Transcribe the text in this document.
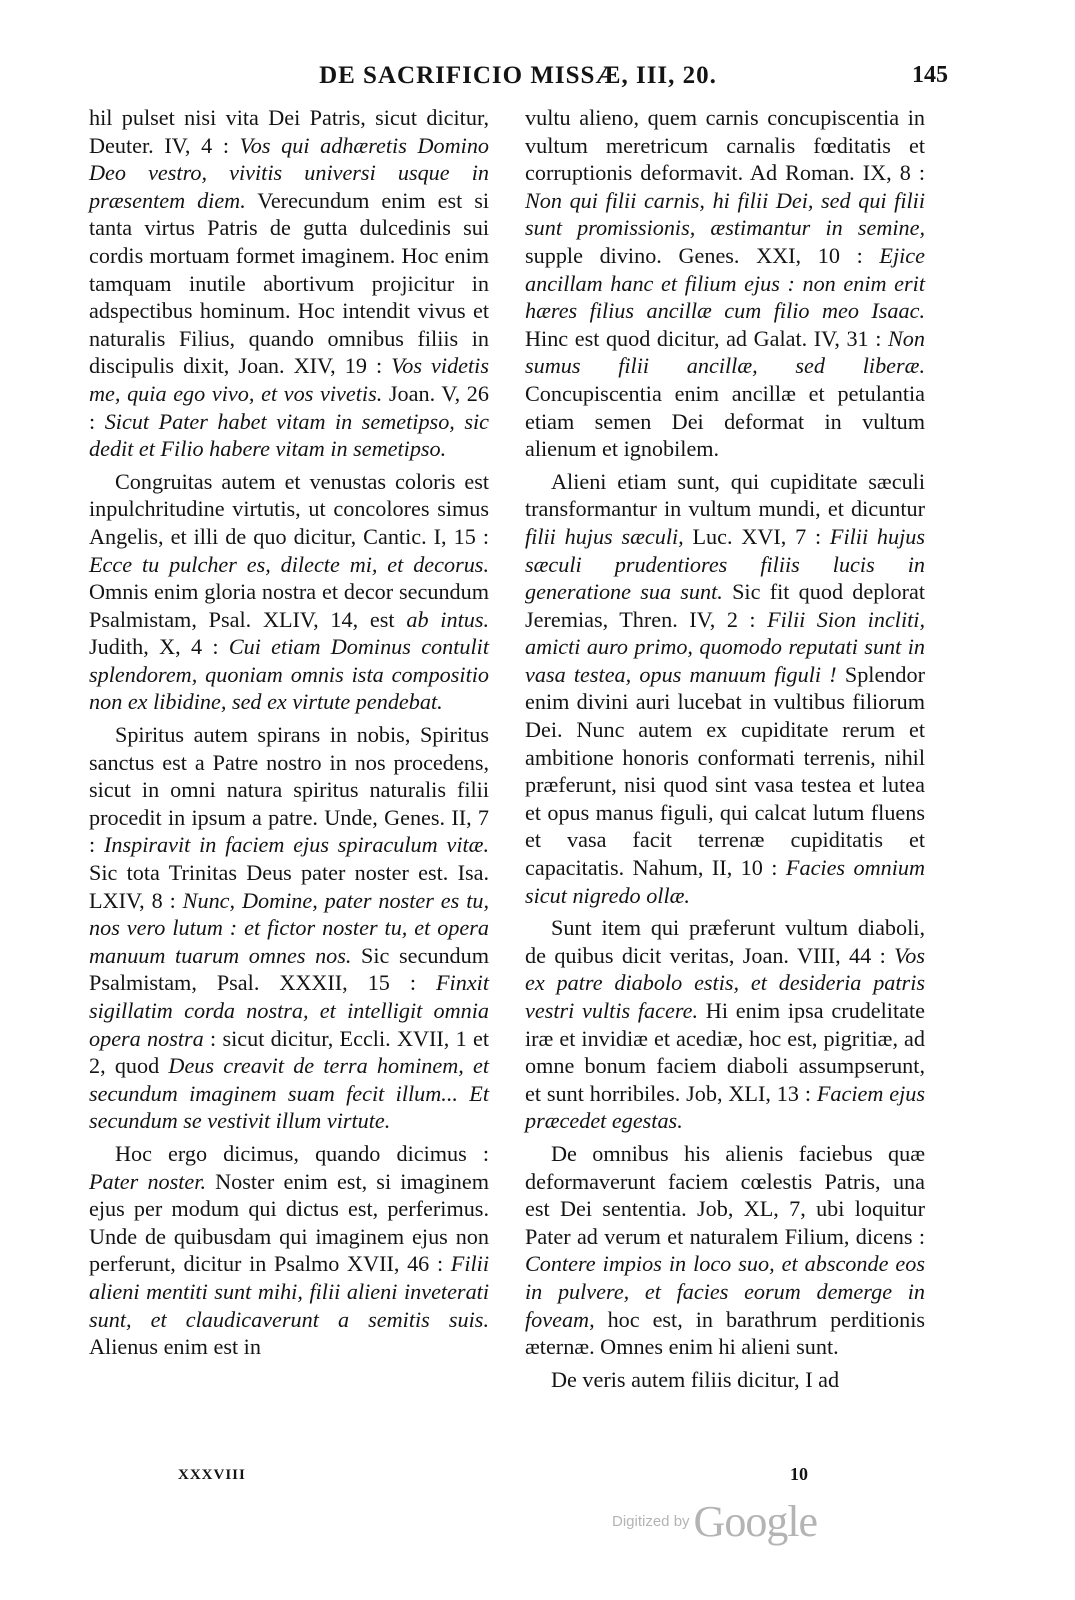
DE SACRIFICIO MISSÆ, III, 20.	145

hil pulset nisi vita Dei Patris, sicut dicitur, Deuter. IV, 4 : Vos qui adhæretis Domino Deo vestro, vivitis universi usque in præsentem diem. Verecundum enim est si tanta virtus Patris de gutta dulcedinis sui cordis mortuam formet imaginem. Hoc enim tamquam inutile abortivum projicitur in adspectibus hominum. Hoc intendit vivus et naturalis Filius, quando omnibus filiis in discipulis dixit, Joan. XIV, 19 : Vos videtis me, quia ego vivo, et vos vivetis. Joan. V, 26 : Sicut Pater habet vitam in semetipso, sic dedit et Filio habere vitam in semetipso.

Congruitas autem et venustas coloris est inpulchritudine virtutis, ut concolores simus Angelis, et illi de quo dicitur, Cantic. I, 15 : Ecce tu pulcher es, dilecte mi, et decorus. Omnis enim gloria nostra et decor secundum Psalmistam, Psal. XLIV, 14, est ab intus. Judith, X, 4 : Cui etiam Dominus contulit splendorem, quoniam omnis ista compositio non ex libidine, sed ex virtute pendebat.

Spiritus autem spirans in nobis, Spiritus sanctus est a Patre nostro in nos procedens, sicut in omni natura spiritus naturalis filii procedit in ipsum a patre. Unde, Genes. II, 7 : Inspiravit in faciem ejus spiraculum vitæ. Sic tota Trinitas Deus pater noster est. Isa. LXIV, 8 : Nunc, Domine, pater noster es tu, nos vero lutum : et fictor noster tu, et opera manuum tuarum omnes nos. Sic secundum Psalmistam, Psal. XXXII, 15 : Finxit sigillatim corda nostra, et intelligit omnia opera nostra : sicut dicitur, Eccli. XVII, 1 et 2, quod Deus creavit de terra hominem, et secundum imaginem suam fecit illum... Et secundum se vestivit illum virtute.

Hoc ergo dicimus, quando dicimus : Pater noster. Noster enim est, si imaginem ejus per modum qui dictus est, perferimus. Unde de quibusdam qui imaginem ejus non perferunt, dicitur in Psalmo XVII, 46 : Filii alieni mentiti sunt mihi, filii alieni inveterati sunt, et claudicaverunt a semitis suis. Alienus enim est in

vultu alieno, quem carnis concupiscentia in vultum meretricum carnalis fœditatis et corruptionis deformavit. Ad Roman. IX, 8 : Non qui filii carnis, hi filii Dei, sed qui filii sunt promissionis, æstimantur in semine, supple divino. Genes. XXI, 10 : Ejice ancillam hanc et filium ejus : non enim erit hæres filius ancillæ cum filio meo Isaac. Hinc est quod dicitur, ad Galat. IV, 31 : Non sumus filii ancillæ, sed liberæ. Concupiscentia enim ancillæ et petulantia etiam semen Dei deformat in vultum alienum et ignobilem.

Alieni etiam sunt, qui cupiditate sæculi transformantur in vultum mundi, et dicuntur filii hujus sæculi, Luc. XVI, 7 : Filii hujus sæculi prudentiores filiis lucis in generatione sua sunt. Sic fit quod deplorat Jeremias, Thren. IV, 2 : Filii Sion incliti, amicti auro primo, quomodo reputati sunt in vasa testea, opus manuum figuli ! Splendor enim divini auri lucebat in vultibus filiorum Dei. Nunc autem ex cupiditate rerum et ambitione honoris conformati terrenis, nihil præferunt, nisi quod sint vasa testea et lutea et opus manus figuli, qui calcat lutum fluens et vasa facit terrenæ cupiditatis et capacitatis. Nahum, II, 10 : Facies omnium sicut nigredo ollæ.

Sunt item qui præferunt vultum diaboli, de quibus dicit veritas, Joan. VIII, 44 : Vos ex patre diabolo estis, et desideria patris vestri vultis facere. Hi enim ipsa crudelitate iræ et invidiæ et acediæ, hoc est, pigritiæ, ad omne bonum faciem diaboli assumpserunt, et sunt horribiles. Job, XLI, 13 : Faciem ejus præcedet egestas.

De omnibus his alienis faciebus quæ deformaverunt faciem cœlestis Patris, una est Dei sententia. Job, XL, 7, ubi loquitur Pater ad verum et naturalem Filium, dicens : Contere impios in loco suo, et absconde eos in pulvere, et facies eorum demerge in foveam, hoc est, in barathrum perditionis æternæ. Omnes enim hi alieni sunt.

De veris autem filiis dicitur, I ad

XXXVIII	10
Digitized by Google
